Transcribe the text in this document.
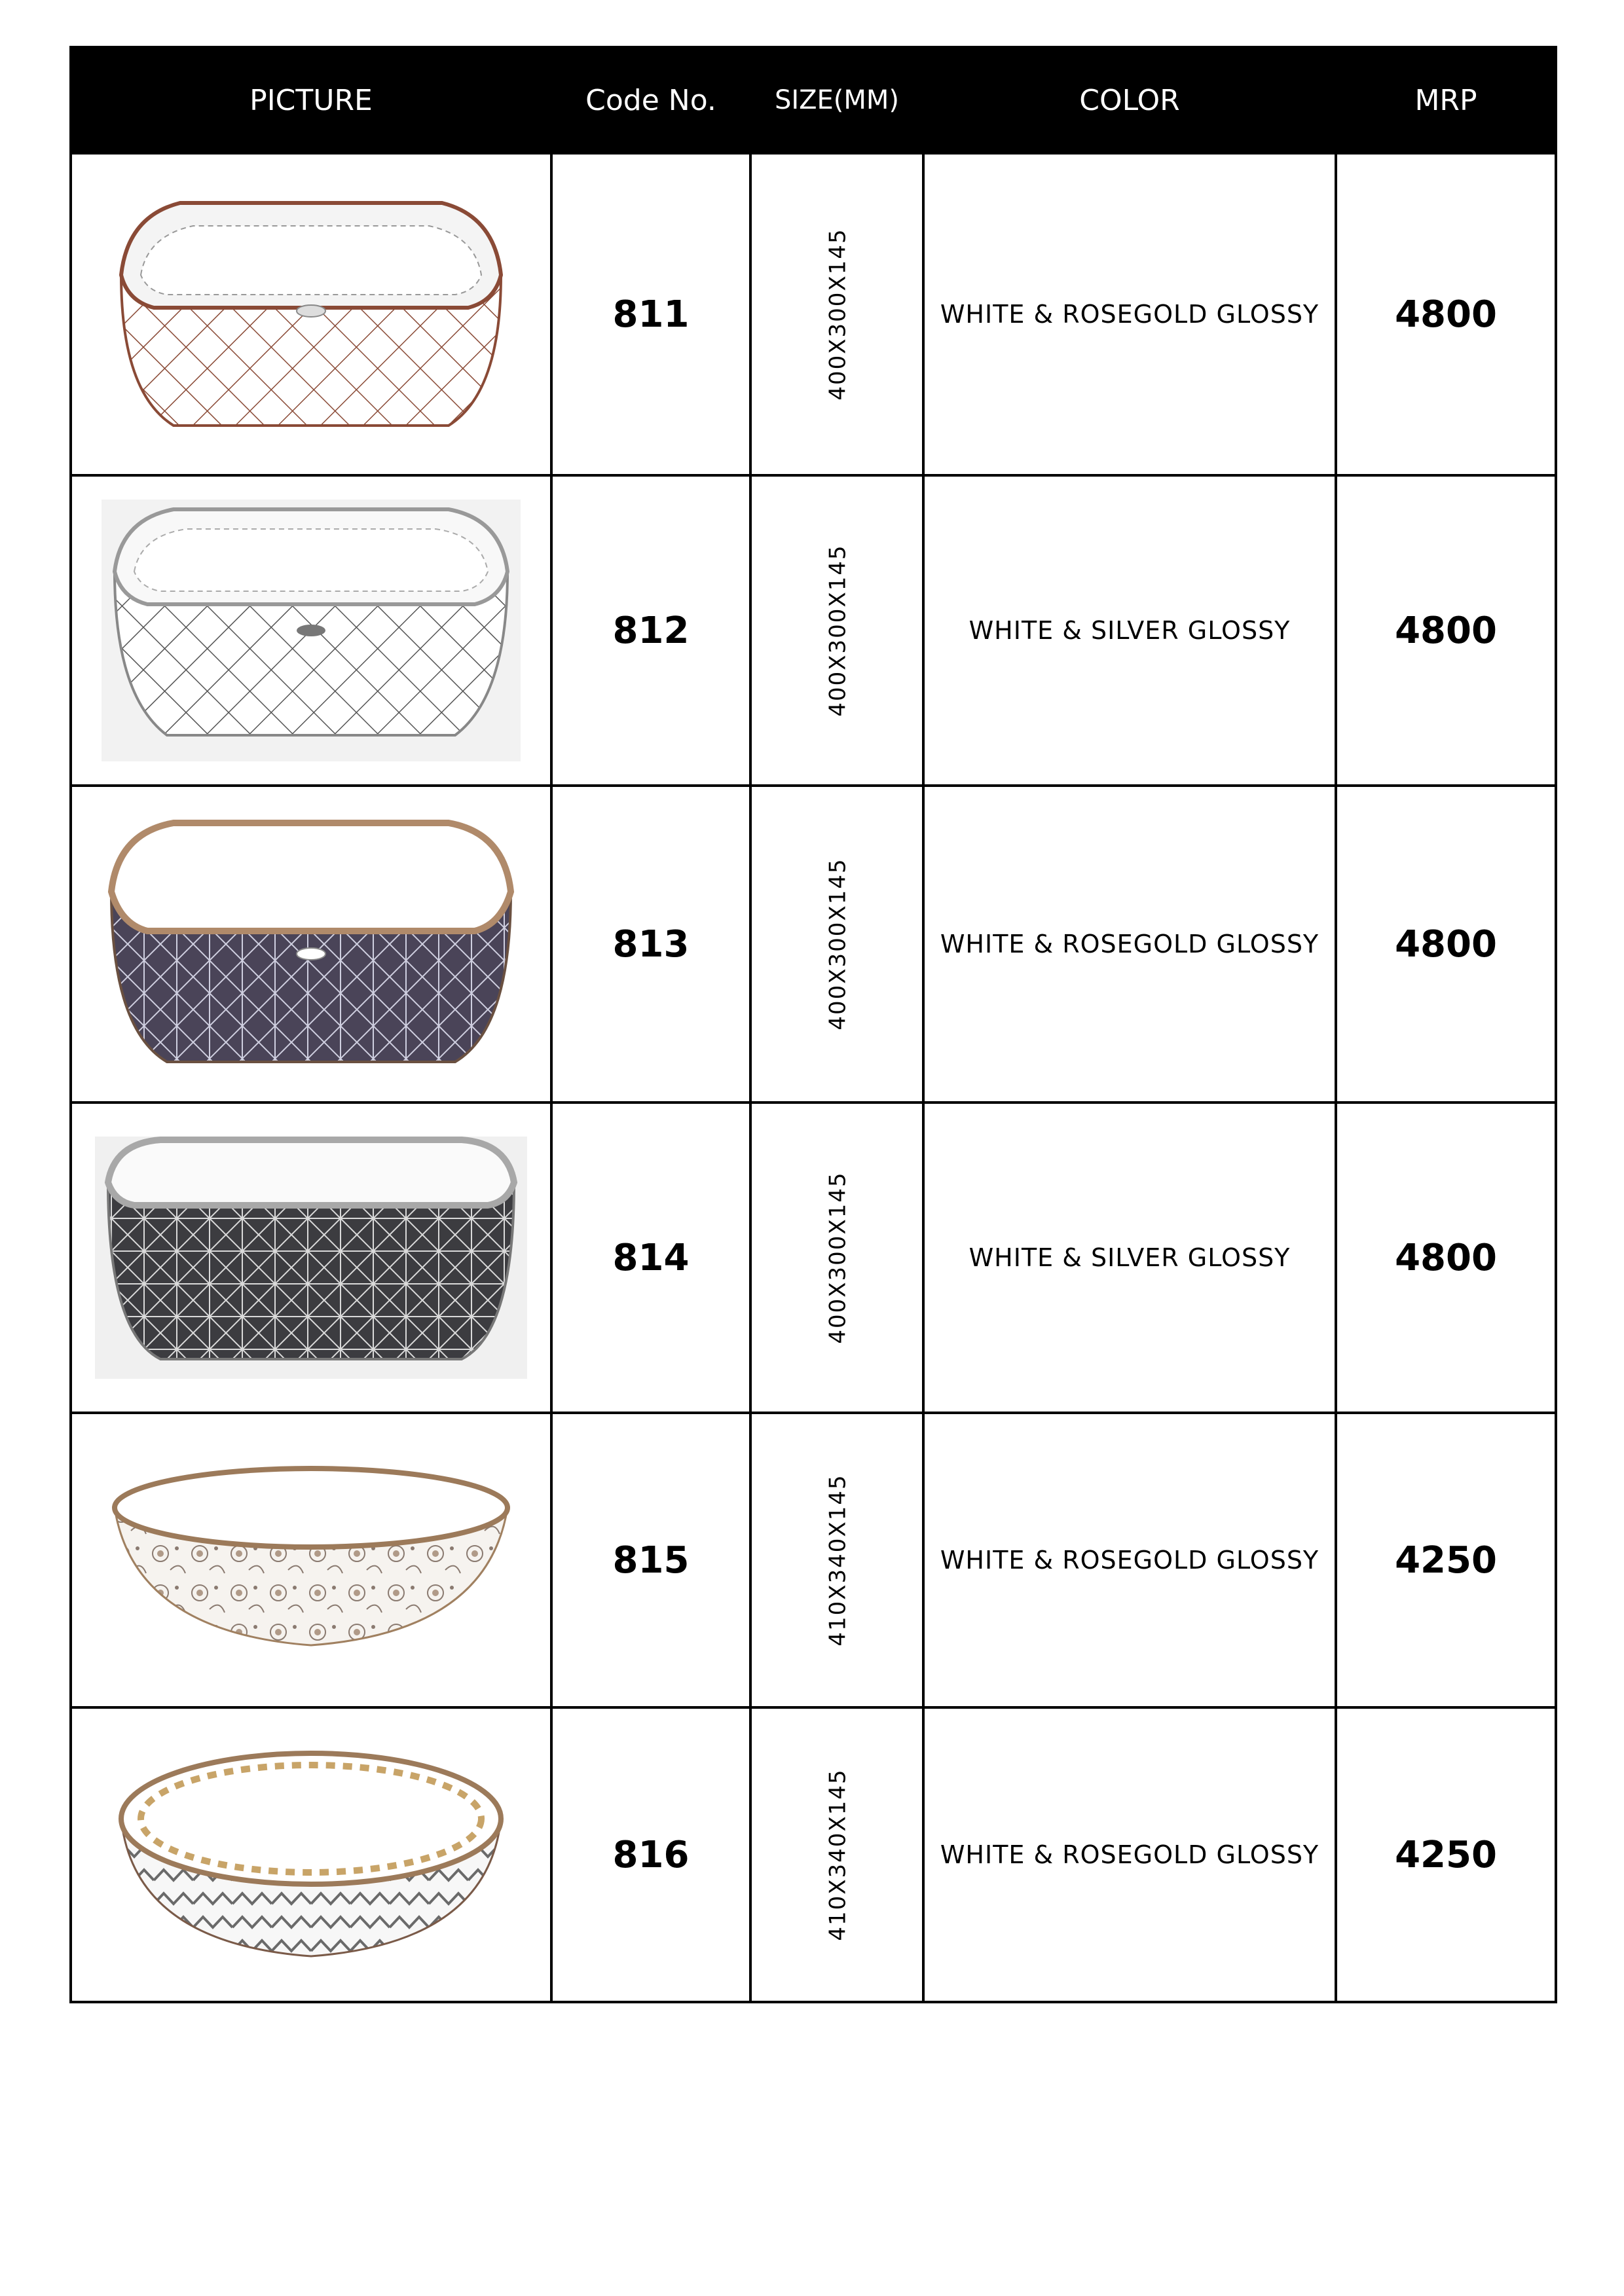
PICTURE	Code No.	SIZE(MM)	COLOR	MRP

	811	400X300X145	WHITE & ROSEGOLD GLOSSY	4800

	812	400X300X145	WHITE & SILVER GLOSSY	4800

	813	400X300X145	WHITE & ROSEGOLD GLOSSY	4800

	814	400X300X145	WHITE & SILVER GLOSSY	4800

	815	410X340X145	WHITE & ROSEGOLD GLOSSY	4250

	816	410X340X145	WHITE & ROSEGOLD GLOSSY	4250
